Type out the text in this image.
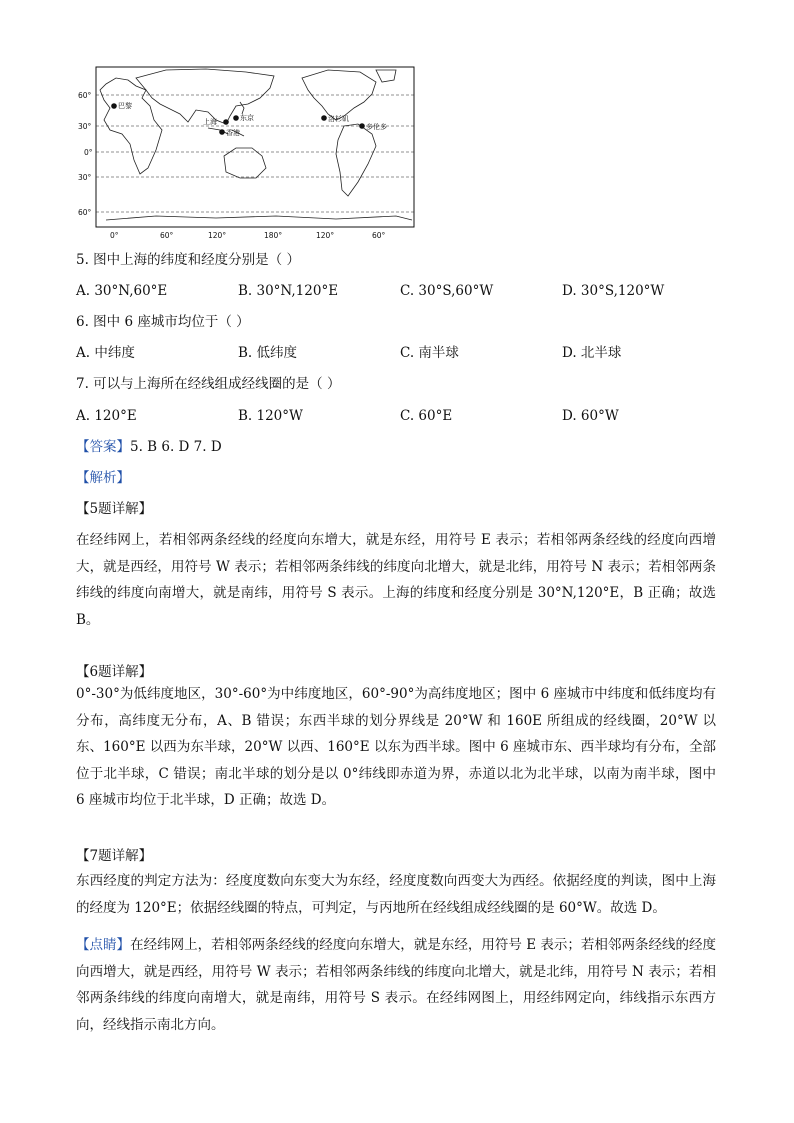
巴黎
上海	东京
香港
洛杉矶
多伦多
60°
30°
0°
30°
60°
0°	60°	120°	180°	120°	60°
5. 图中上海的纬度和经度分别是（ ）
A. 30°N,60°E	B. 30°N,120°E	C. 30°S,60°W	D. 30°S,120°W
6. 图中 6 座城市均位于（ ）
A. 中纬度	B. 低纬度	C. 南半球	D. 北半球
7. 可以与上海所在经线组成经线圈的是（ ）
A. 120°E	B. 120°W	C. 60°E	D. 60°W
【答案】5. B 6. D 7. D
【解析】
【5题详解】
在经纬网上，若相邻两条经线的经度向东增大，就是东经，用符号 E 表示；若相邻两条经线的经度向西增大，就是西经，用符号 W 表示；若相邻两条纬线的纬度向北增大，就是北纬，用符号 N 表示；若相邻两条纬线的纬度向南增大，就是南纬，用符号 S 表示。上海的纬度和经度分别是 30°N,120°E，B 正确；故选 B。
【6题详解】
0°-30°为低纬度地区，30°-60°为中纬度地区，60°-90°为高纬度地区；图中 6 座城市中纬度和低纬度均有分布，高纬度无分布，A、B 错误；东西半球的划分界线是 20°W 和 160E 所组成的经线圈，20°W 以东、160°E 以西为东半球，20°W 以西、160°E 以东为西半球。图中 6 座城市东、西半球均有分布，全部位于北半球，C 错误；南北半球的划分是以 0°纬线即赤道为界，赤道以北为北半球，以南为南半球，图中 6 座城市均位于北半球，D 正确；故选 D。
【7题详解】
东西经度的判定方法为：经度度数向东变大为东经，经度度数向西变大为西经。依据经度的判读，图中上海的经度为 120°E；依据经线圈的特点，可判定，与丙地所在经线组成经线圈的是 60°W。故选 D。
【点睛】在经纬网上，若相邻两条经线的经度向东增大，就是东经，用符号 E 表示；若相邻两条经线的经度向西增大，就是西经，用符号 W 表示；若相邻两条纬线的纬度向北增大，就是北纬，用符号 N 表示；若相邻两条纬线的纬度向南增大，就是南纬，用符号 S 表示。在经纬网图上，用经纬网定向，纬线指示东西方向，经线指示南北方向。
